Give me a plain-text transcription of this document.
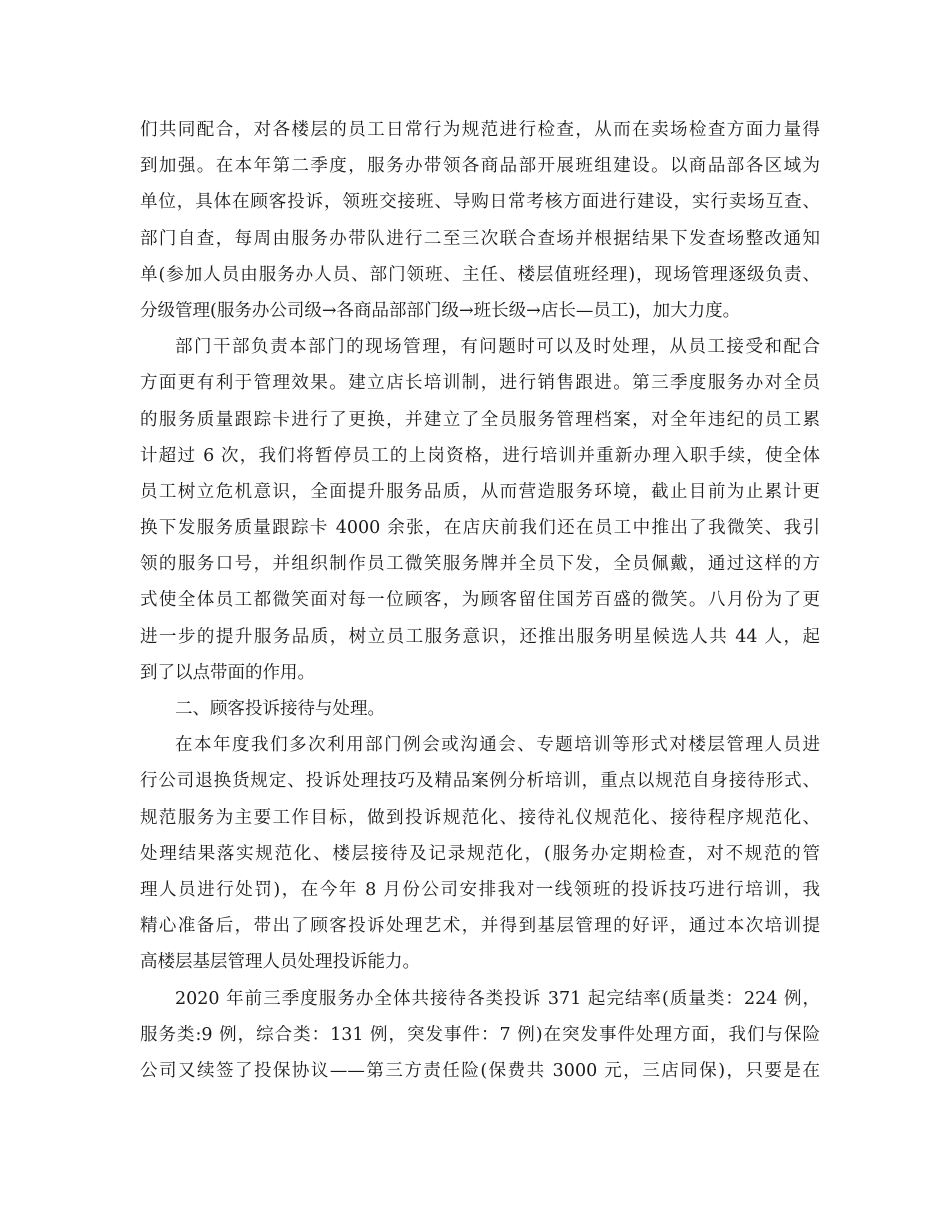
们共同配合，对各楼层的员工日常行为规范进行检查，从而在卖场检查方面力量得
到加强。在本年第二季度，服务办带领各商品部开展班组建设。以商品部各区域为
单位，具体在顾客投诉，领班交接班、导购日常考核方面进行建设，实行卖场互查、
部门自查，每周由服务办带队进行二至三次联合查场并根据结果下发查场整改通知
单(参加人员由服务办人员、部门领班、主任、楼层值班经理)，现场管理逐级负责、
分级管理(服务办公司级→各商品部部门级→班长级→店长—员工)，加大力度。
部门干部负责本部门的现场管理，有问题时可以及时处理，从员工接受和配合
方面更有利于管理效果。建立店长培训制，进行销售跟进。第三季度服务办对全员
的服务质量跟踪卡进行了更换，并建立了全员服务管理档案，对全年违纪的员工累
计超过 6 次，我们将暂停员工的上岗资格，进行培训并重新办理入职手续，使全体
员工树立危机意识，全面提升服务品质，从而营造服务环境，截止目前为止累计更
换下发服务质量跟踪卡 4000 余张，在店庆前我们还在员工中推出了我微笑、我引
领的服务口号，并组织制作员工微笑服务牌并全员下发，全员佩戴，通过这样的方
式使全体员工都微笑面对每一位顾客，为顾客留住国芳百盛的微笑。八月份为了更
进一步的提升服务品质，树立员工服务意识，还推出服务明星候选人共 44 人，起
到了以点带面的作用。
二、顾客投诉接待与处理。
在本年度我们多次利用部门例会或沟通会、专题培训等形式对楼层管理人员进
行公司退换货规定、投诉处理技巧及精品案例分析培训，重点以规范自身接待形式、
规范服务为主要工作目标，做到投诉规范化、接待礼仪规范化、接待程序规范化、
处理结果落实规范化、楼层接待及记录规范化，(服务办定期检查，对不规范的管
理人员进行处罚)，在今年 8 月份公司安排我对一线领班的投诉技巧进行培训，我
精心准备后，带出了顾客投诉处理艺术，并得到基层管理的好评，通过本次培训提
高楼层基层管理人员处理投诉能力。
2020 年前三季度服务办全体共接待各类投诉 371 起完结率(质量类：224 例，
服务类:9 例，综合类：131 例，突发事件：7 例)在突发事件处理方面，我们与保险
公司又续签了投保协议——第三方责任险(保费共 3000 元，三店同保)，只要是在
